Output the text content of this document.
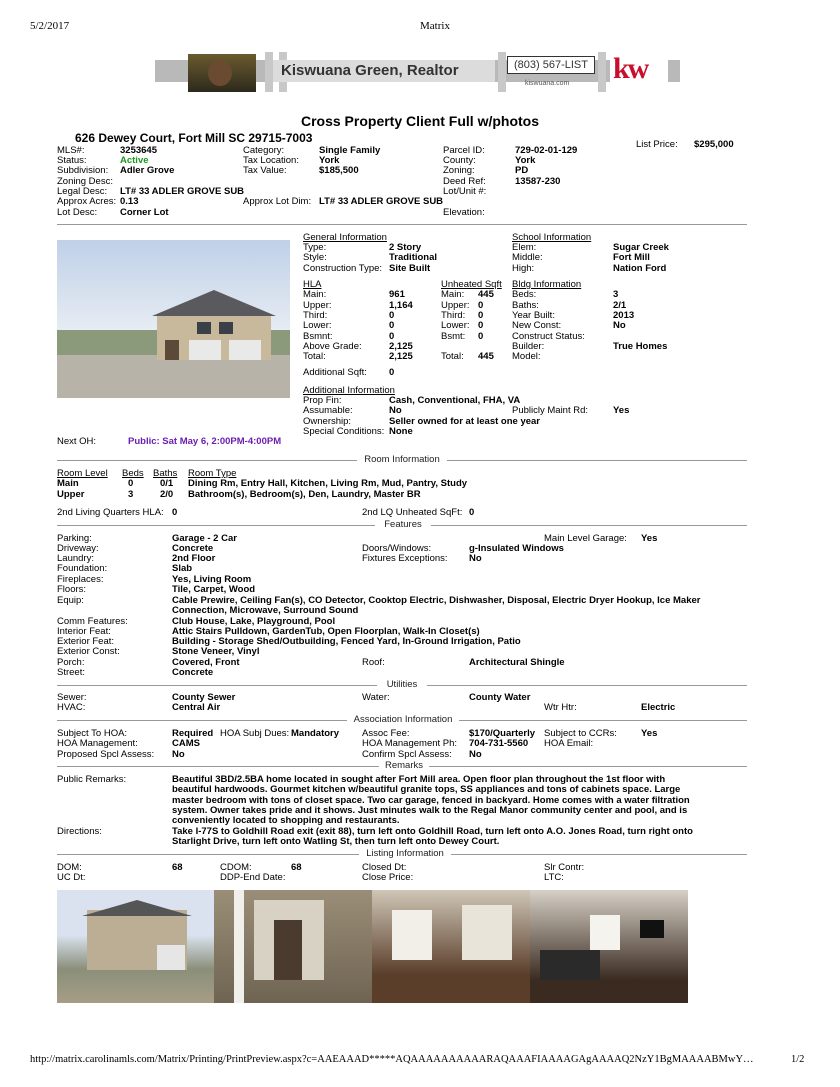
5/2/2017	Matrix
Kiswuana Green, Realtor	(803) 567-LIST
kiswuana.com kw
Cross Property Client Full w/photos
626 Dewey Court, Fort Mill SC 29715-7003	List Price: $295,000
MLS#:	3253645
Status:	Active
Subdivision: Adler Grove
Zoning Desc:
Legal Desc: LT# 33 ADLER GROVE SUB
Approx Acres: 0.13
Lot Desc: Corner Lot
Category:	Single Family
Tax Location: York
Tax Value:	$185,500
Approx Lot Dim: LT# 33 ADLER GROVE SUB
Parcel ID:	729-02-01-129
County:	York
Zoning:	PD
Deed Ref:	13587-230
Lot/Unit #:
Elevation:
General Information
Type:	2 Story
Style:	Traditional
Construction Type: Site Built
School Information
Elem:	Sugar Creek
Middle:	Fort Mill
High:	Nation Ford
HLA
Main:	961
Upper:	1,164
Third:	0
Lower:	0
Bsmnt:	0
Above Grade:	2,125
Total:	2,125
Additional Sqft: 0
Unheated Sqft
Main: 445
Upper: 0
Third: 0
Lower: 0
Bsmt: 0
Total: 445
Bldg Information
Beds:	3
Baths:	2/1
Year Built:	2013
New Const:	No
Construct Status:
Builder:	True Homes
Model:
Additional Information
Prop Fin:	Cash, Conventional, FHA, VA
Assumable:	No	Publicly Maint Rd:	Yes
Ownership:	Seller owned for at least one year
Special Conditions: None
Next OH:	Public: Sat May 6, 2:00PM-4:00PM
Room Information
Room Level Beds Baths Room Type
Main	0	0/1 Dining Rm, Entry Hall, Kitchen, Living Rm, Mud, Pantry, Study
Upper	3	2/0 Bathroom(s), Bedroom(s), Den, Laundry, Master BR
2nd Living Quarters HLA: 0	2nd LQ Unheated SqFt: 0
Features
Parking:	Garage - 2 Car	Main Level Garage: Yes
Driveway:	Concrete	Doors/Windows:	g-Insulated Windows
Laundry:	2nd Floor	Fixtures Exceptions: No
Foundation:	Slab
Fireplaces:	Yes, Living Room
Floors:	Tile, Carpet, Wood
Equip:	Cable Prewire, Ceiling Fan(s), CO Detector, Cooktop Electric, Dishwasher, Disposal, Electric Dryer Hookup, Ice Maker
Connection, Microwave, Surround Sound
Comm Features:	Club House, Lake, Playground, Pool
Interior Feat:	Attic Stairs Pulldown, GardenTub, Open Floorplan, Walk-In Closet(s)
Exterior Feat:	Building - Storage Shed/Outbuilding, Fenced Yard, In-Ground Irrigation, Patio
Exterior Const:	Stone Veneer, Vinyl
Porch:	Covered, Front	Roof:	Architectural Shingle
Street:	Concrete
Utilities
Sewer:	County Sewer	Water:	County Water
HVAC:	Central Air	Wtr Htr:	Electric
Association Information
Subject To HOA:	Required HOA Subj Dues: Mandatory Assoc Fee:	$170/Quarterly Subject to CCRs:	Yes
HOA Management:	CAMS	HOA Management Ph: 704-731-5560 HOA Email:
Proposed Spcl Assess: No	Confirm Spcl Assess: No
Remarks
Public Remarks:	Beautiful 3BD/2.5BA home located in sought after Fort Mill area. Open floor plan throughout the 1st floor with
beautiful hardwoods. Gourmet kitchen w/beautiful granite tops, SS appliances and tons of cabinets space. Large
master bedroom with tons of closet space. Two car garage, fenced in backyard. Home comes with a water filtration
system. Owner takes pride and it shows. Just minutes walk to the Regal Manor community center and pool, and is
conveniently located to shopping and restaurants.
Directions:	Take I-77S to Goldhill Road exit (exit 88), turn left onto Goldhill Road, turn left onto A.O. Jones Road, turn right onto
Starlight Drive, turn left onto Watling St, then turn left onto Dewey Court.
Listing Information
DOM:	68	CDOM:	68	Closed Dt:	Slr Contr:
UC Dt:	DDP-End Date:	Close Price:	LTC:
http://matrix.carolinamls.com/Matrix/Printing/PrintPreview.aspx?c=AAEAAAD*****AQAAAAAAAAAARAQAAAFIAAAAGAgAAAAQ2NzY1BgMAAAABMwY…	1/2
